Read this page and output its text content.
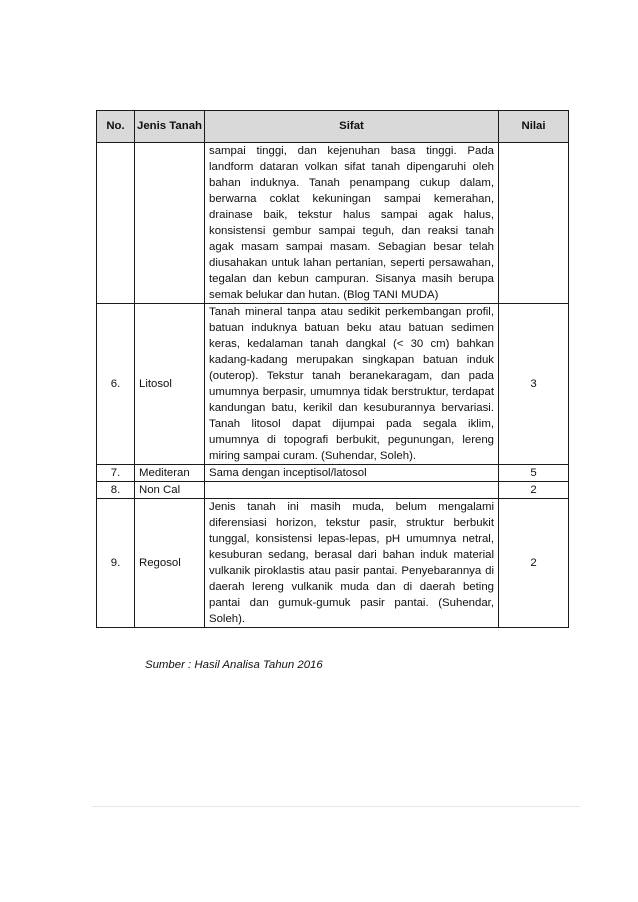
No.	Jenis Tanah	Sifat	Nilai
		sampai tinggi, dan kejenuhan basa tinggi. Pada landform dataran volkan sifat tanah dipengaruhi oleh bahan induknya. Tanah penampang cukup dalam, berwarna coklat kekuningan sampai kemerahan, drainase baik, tekstur halus sampai agak halus, konsistensi gembur sampai teguh, dan reaksi tanah agak masam sampai masam. Sebagian besar telah diusahakan untuk lahan pertanian, seperti persawahan, tegalan dan kebun campuran. Sisanya masih berupa semak belukar dan hutan. (Blog TANI MUDA)	
6.	Litosol	Tanah mineral tanpa atau sedikit perkembangan profil, batuan induknya batuan beku atau batuan sedimen keras, kedalaman tanah dangkal (< 30 cm) bahkan kadang-kadang merupakan singkapan batuan induk (outerop). Tekstur tanah beranekaragam, dan pada umumnya berpasir, umumnya tidak berstruktur, terdapat kandungan batu, kerikil dan kesuburannya bervariasi. Tanah litosol dapat dijumpai pada segala iklim, umumnya di topografi berbukit, pegunungan, lereng miring sampai curam. (Suhendar, Soleh).	3
7.	Mediteran	Sama dengan inceptisol/latosol	5
8.	Non Cal		2
9.	Regosol	Jenis tanah ini masih muda, belum mengalami diferensiasi horizon, tekstur pasir, struktur berbukit tunggal, konsistensi lepas-lepas, pH umumnya netral, kesuburan sedang, berasal dari bahan induk material vulkanik piroklastis atau pasir pantai. Penyebarannya di daerah lereng vulkanik muda dan di daerah beting pantai dan gumuk-gumuk pasir pantai. (Suhendar, Soleh).	2
Sumber : Hasil Analisa Tahun 2016
